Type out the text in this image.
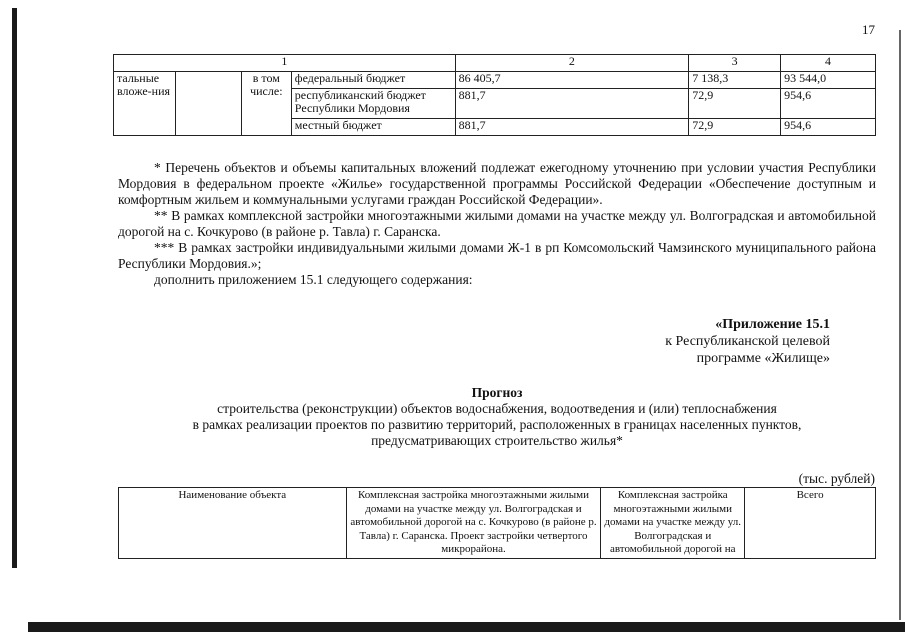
17
1				2	3	4
тальные вложе-ния		в том числе:	федеральный бюджет	86 405,7	7 138,3	93 544,0
			республиканский бюджет Республики Мордовия	881,7	72,9	954,6
			местный бюджет	881,7	72,9	954,6

* Перечень объектов и объемы капитальных вложений подлежат ежегодному уточнению при условии участия Республики Мордовия в федеральном проекте «Жилье» государственной программы Российской Федерации «Обеспечение доступным и комфортным жильем и коммунальными услугами граждан Российской Федерации».

** В рамках комплексной застройки многоэтажными жилыми домами на участке между ул. Волгоградская и автомобильной дорогой на с. Кочкурово (в районе р. Тавла) г. Саранска.

*** В рамках застройки индивидуальными жилыми домами Ж-1 в рп Комсомольский Чамзинского муниципального района Республики Мордовия.»;

дополнить приложением 15.1 следующего содержания:

«Приложение 15.1
к Республиканской целевой
программе «Жилище»
Прогноз
строительства (реконструкции) объектов водоснабжения, водоотведения и (или) теплоснабжения
в рамках реализации проектов по развитию территорий, расположенных в границах населенных пунктов,
предусматривающих строительство жилья*
(тыс. рублей)
Наименование объекта	Комплексная застройка многоэтажными жилыми домами на участке между ул. Волгоградская и автомобильной дорогой на с. Кочкурово (в районе р. Тавла) г. Саранска. Проект застройки четвертого микрорайона.	Комплексная застройка многоэтажными жилыми домами на участке между ул. Волгоградская и автомобильной дорогой на	Всего
